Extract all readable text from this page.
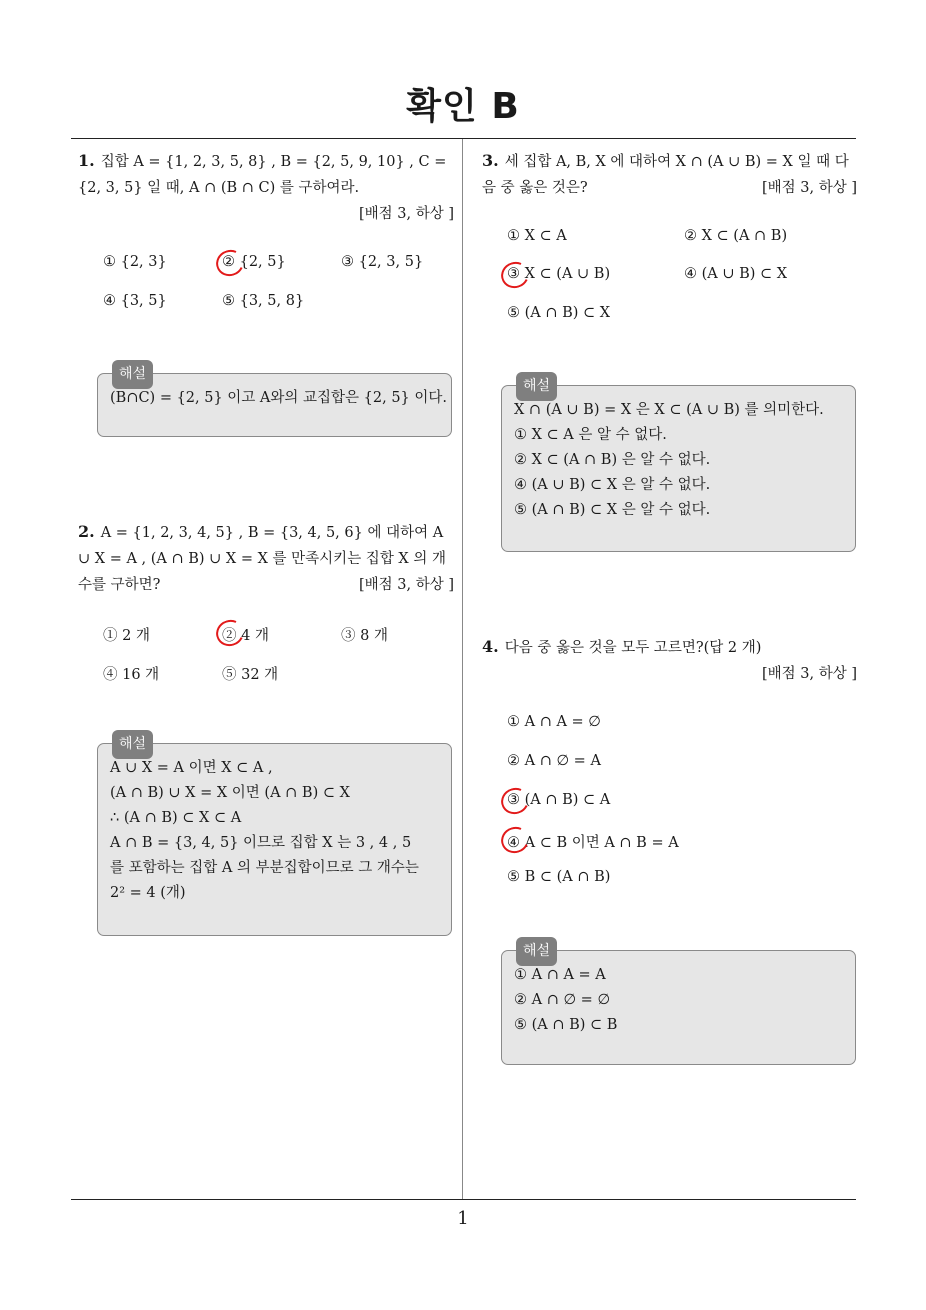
확인 B
1. 집합 A = {1, 2, 3, 5, 8} , B = {2, 5, 9, 10} , C = {2, 3, 5} 일 때, A ∩ (B ∩ C) 를 구하여라.
[배점 3, 하상 ]
① {2, 3}	② {2, 5}	③ {2, 3, 5}
④ {3, 5}	⑤ {3, 5, 8}
해설
(B∩C) = {2, 5} 이고 A와의 교집합은 {2, 5} 이다.
2. A = {1, 2, 3, 4, 5} , B = {3, 4, 5, 6} 에 대하여 A ∪ X = A , (A ∩ B) ∪ X = X 를 만족시키는 집합 X 의 개수를 구하면?	[배점 3, 하상 ]
① 2 개	② 4 개	③ 8 개
④ 16 개	⑤ 32 개
해설
A ∪ X = A 이면 X ⊂ A ,
(A ∩ B) ∪ X = X 이면 (A ∩ B) ⊂ X
∴ (A ∩ B) ⊂ X ⊂ A
A ∩ B = {3, 4, 5} 이므로 집합 X 는 3 , 4 , 5
를 포함하는 집합 A 의 부분집합이므로 그 개수는
2² = 4 (개)
3. 세 집합 A, B, X 에 대하여 X ∩ (A ∪ B) = X 일 때 다음 중 옳은 것은?	[배점 3, 하상 ]
① X ⊂ A	② X ⊂ (A ∩ B)
③ X ⊂ (A ∪ B)	④ (A ∪ B) ⊂ X
⑤ (A ∩ B) ⊂ X
해설
X ∩ (A ∪ B) = X 은 X ⊂ (A ∪ B) 를 의미한다.
① X ⊂ A 은 알 수 없다.
② X ⊂ (A ∩ B) 은 알 수 없다.
④ (A ∪ B) ⊂ X 은 알 수 없다.
⑤ (A ∩ B) ⊂ X 은 알 수 없다.
4. 다음 중 옳은 것을 모두 고르면?(답 2 개)
[배점 3, 하상 ]
① A ∩ A = ∅
② A ∩ ∅ = A
③ (A ∩ B) ⊂ A
④ A ⊂ B 이면 A ∩ B = A
⑤ B ⊂ (A ∩ B)
해설
① A ∩ A = A
② A ∩ ∅ = ∅
⑤ (A ∩ B) ⊂ B
1
